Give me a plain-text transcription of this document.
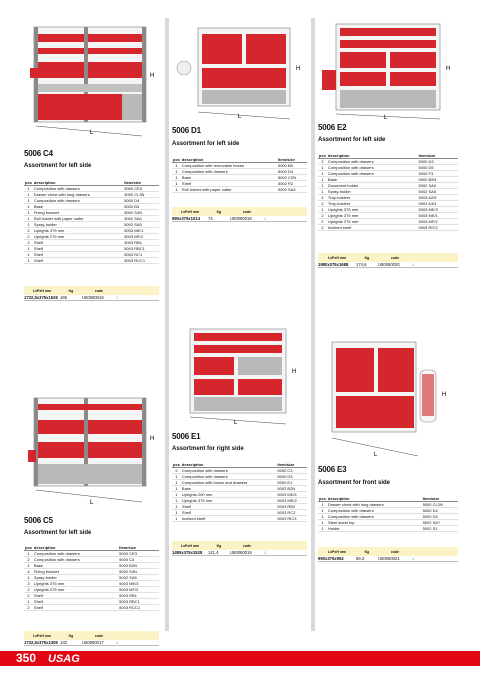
H
L
5006 C4
Assortment for left side
pcs	description	Item/size
1	Composition with drawers	5000 CE3
1	Drawer chest with long drawers	5000 CL3N
1	Composition with drawers	5000 D4
1	Base	5002 B3
1	Fixing bracket	5002 S4N
1	Roll holder with paper cutter	5002 SA4
1	Spray-holder	5002 SA5
2	Uprights 375 mm	5003 ME/1
2	Uprights 275 mm	5003 MF/2
2	Shelf	5003 RB1
1	Shelf	5003 RBC1
1	Shelf	5003 RC1
1	Shelf	5003 RCC1
LxPxH mm	Kg	code
1732,5x375x1526 165	U50060016	1
H
L
5006 D1
Assortment for left side
pcs	description	Item/size
1	Composition with removable boxes	5000 B5
1	Composition with drawers	5000 D4
1	Base	5002 C2N
1	Shelf	5002 R2
1	Roll holder with paper cutter	5002 SA4
LxPxH mm	Kg	code
990x375x1014	74	U50060018	1
H
L
5006 E2
Assortment for left side
pcs	description	Item/size
2	Composition with drawers	5000 D3
1	Composition with drawers	5000 D5
1	Composition with drawers	5000 F3
1	Base	5002 B2N
1	Document holder	5002 SA0
1	Spray-holder	5002 SA5
4	Tray-holders	5003 A2/5
2	Tray-holders	5003 A3/4
1	Uprights 375 mm	5003 ME/3
2	Uprights 375 mm	5003 ME/1
2	Uprights 275 mm	5003 MF/2
2	Inclined shelf	5003 RIC2
LxPxH mm	Kg	code
1980x375x1688	174,6	U50060020	1
H
L
5006 C5
Assortment for left side
pcs	description	Item/size
1	Composition with drawers	5000 CE3
2	Composition with drawers	5000 C3
1	Base	5002 B2N
4	Fixing bracket	5002 S4N
1	Spray-holder	5002 SA5
3	Uprights 375 mm	5003 ME/3
2	Uprights 275 mm	5003 MF/2
2	Shelf	5003 RB1
1	Shelf	5003 RBC1
2	Shelf	5003 RCC1
LxPxH mm	Kg	code
1732,5x375x1306 132	U50060017	1
H
L
5006 E1
Assortment for right side
pcs	description	Item/size
2	Composition with drawers	5000 C3
1	Composition with drawers	5000 D3
1	Composition with boxes and drawers	5000 E1
1	Base	5002 B2N
1	Uprights 200 mm	5003 MD/1
1	Uprights 375 mm	5003 ME/2
1	Shelf	5003 RB2
1	Shelf	5003 RC2
1	Inclined shelf	5003 RIC3
LxPxH mm	Kg	code
1485x375x1528	121,4	U50060019	1
H
L
5006 E3
Assortment for front side
pcs	description	Item/size
1	Drawer chest with long drawers	5000 CL3N
1	Composition with drawers	5000 D4
1	Composition with drawers	5000 D5
1	Steel sheet top	5002 SA7
1	Holder	5002 S1
LxPxH mm	Kg	code
990x375x954	89,3	U50060021	1
350 USAG
